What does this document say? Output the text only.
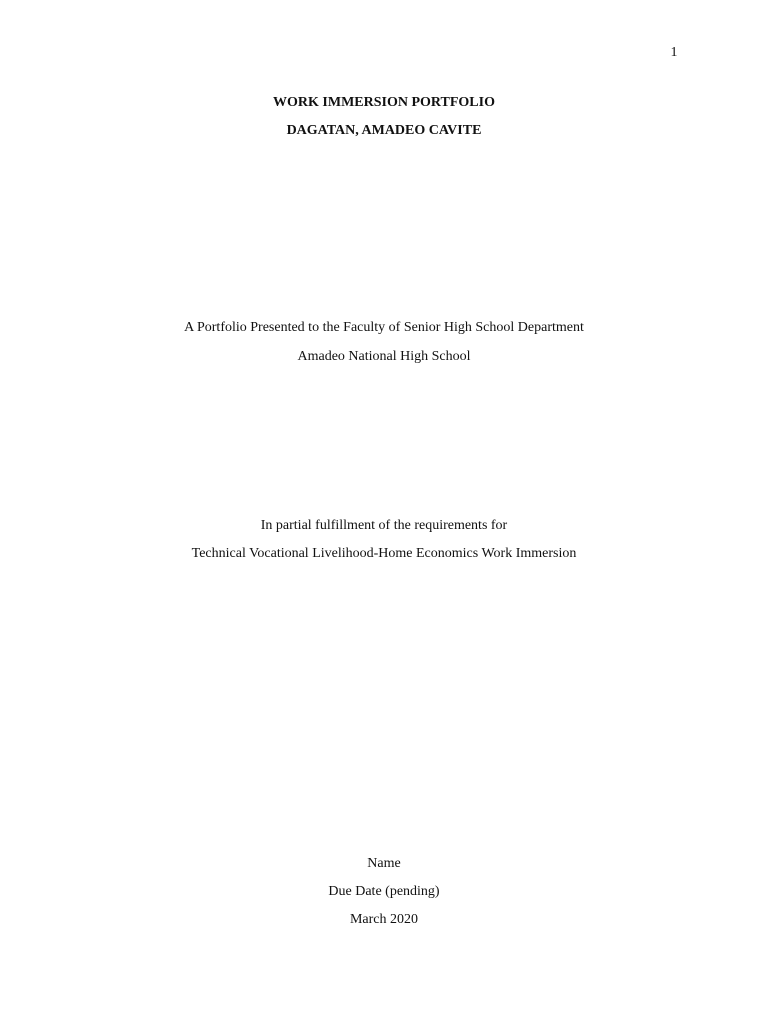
1
WORK IMMERSION PORTFOLIO
DAGATAN, AMADEO CAVITE
A Portfolio Presented to the Faculty of Senior High School Department
Amadeo National High School
In partial fulfillment of the requirements for
Technical Vocational Livelihood-Home Economics Work Immersion
Name
Due Date (pending)
March 2020
